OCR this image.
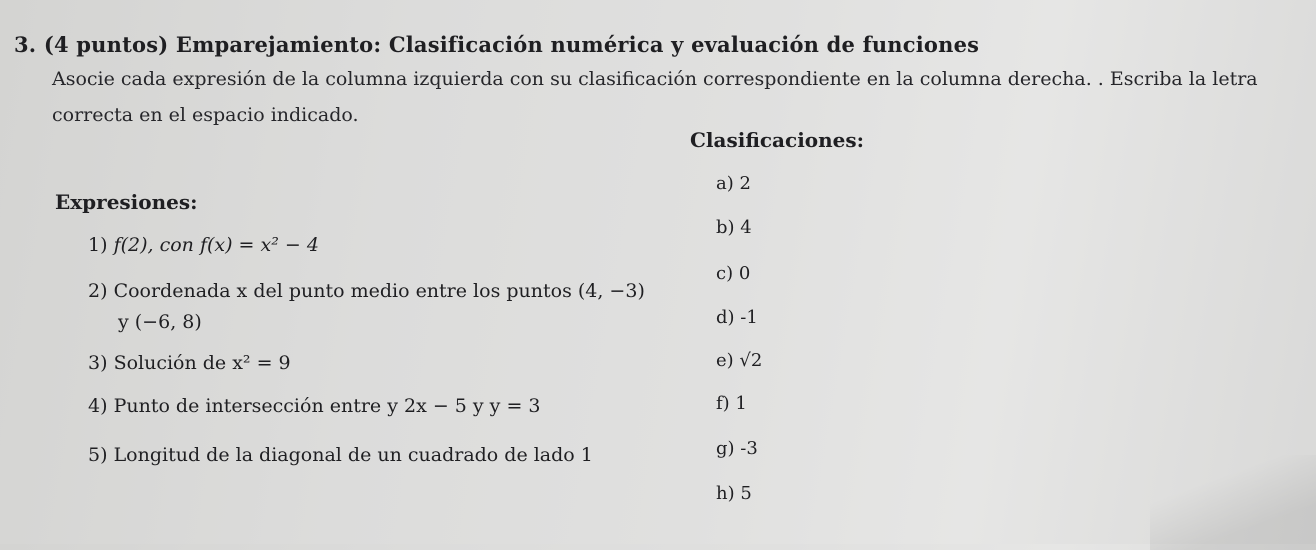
3. (4 puntos) Emparejamiento: Clasificación numérica y evaluación de funciones
Asocie cada expresión de la columna izquierda con su clasificación correspondiente en la columna derecha. . Escriba la letra
correcta en el espacio indicado.
Clasificaciones:
Expresiones:
1) f(2), con f(x) = x² − 4
2) Coordenada x del punto medio entre los puntos (4, −3)
y (−6, 8)
3) Solución de x² = 9
4) Punto de intersección entre y 2x − 5 y y = 3
5) Longitud de la diagonal de un cuadrado de lado 1
a) 2
b) 4
c) 0
d) -1
e) √2
f) 1
g) -3
h) 5
